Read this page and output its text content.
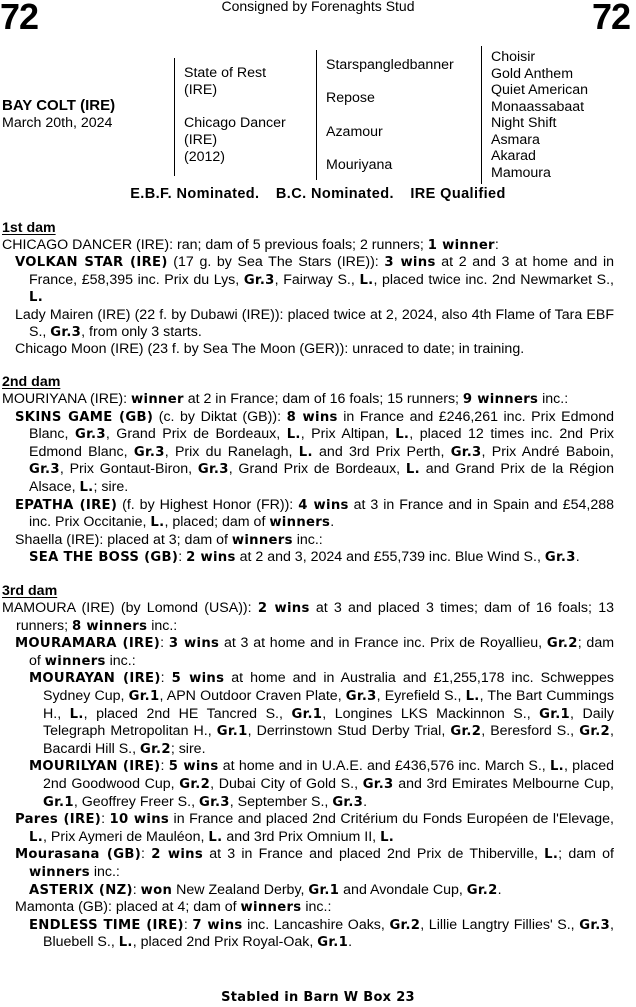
72	Consigned by Forenaghts Stud	72
BAY COLT (IRE)
March 20th, 2024
State of Rest
(IRE)
Chicago Dancer
(IRE)
(2012)
Starspangledbanner
Repose
Azamour
Mouriyana
Choisir
Gold Anthem
Quiet American
Monaassabaat
Night Shift
Asmara
Akarad
Mamoura
E.B.F. Nominated. B.C. Nominated. IRE Qualified
1st dam
CHICAGO DANCER (IRE): ran; dam of 5 previous foals; 2 runners; 1 winner:
VOLKAN STAR (IRE) (17 g. by Sea The Stars (IRE)): 3 wins at 2 and 3 at home and in France, £58,395 inc. Prix du Lys, Gr.3, Fairway S., L., placed twice inc. 2nd Newmarket S., L.
Lady Mairen (IRE) (22 f. by Dubawi (IRE)): placed twice at 2, 2024, also 4th Flame of Tara EBF S., Gr.3, from only 3 starts.
Chicago Moon (IRE) (23 f. by Sea The Moon (GER)): unraced to date; in training.
2nd dam
MOURIYANA (IRE): winner at 2 in France; dam of 16 foals; 15 runners; 9 winners inc.:
SKINS GAME (GB) (c. by Diktat (GB)): 8 wins in France and £246,261 inc. Prix Edmond Blanc, Gr.3, Grand Prix de Bordeaux, L., Prix Altipan, L., placed 12 times inc. 2nd Prix Edmond Blanc, Gr.3, Prix du Ranelagh, L. and 3rd Prix Perth, Gr.3, Prix André Baboin, Gr.3, Prix Gontaut-Biron, Gr.3, Grand Prix de Bordeaux, L. and Grand Prix de la Région Alsace, L.; sire.
EPATHA (IRE) (f. by Highest Honor (FR)): 4 wins at 3 in France and in Spain and £54,288 inc. Prix Occitanie, L., placed; dam of winners.
Shaella (IRE): placed at 3; dam of winners inc.:
SEA THE BOSS (GB): 2 wins at 2 and 3, 2024 and £55,739 inc. Blue Wind S., Gr.3.
3rd dam
MAMOURA (IRE) (by Lomond (USA)): 2 wins at 3 and placed 3 times; dam of 16 foals; 13 runners; 8 winners inc.:
MOURAMARA (IRE): 3 wins at 3 at home and in France inc. Prix de Royallieu, Gr.2; dam of winners inc.:
MOURAYAN (IRE): 5 wins at home and in Australia and £1,255,178 inc. Schweppes Sydney Cup, Gr.1, APN Outdoor Craven Plate, Gr.3, Eyrefield S., L., The Bart Cummings H., L., placed 2nd HE Tancred S., Gr.1, Longines LKS Mackinnon S., Gr.1, Daily Telegraph Metropolitan H., Gr.1, Derrinstown Stud Derby Trial, Gr.2, Beresford S., Gr.2, Bacardi Hill S., Gr.2; sire.
MOURILYAN (IRE): 5 wins at home and in U.A.E. and £436,576 inc. March S., L., placed 2nd Goodwood Cup, Gr.2, Dubai City of Gold S., Gr.3 and 3rd Emirates Melbourne Cup, Gr.1, Geoffrey Freer S., Gr.3, September S., Gr.3.
Pares (IRE): 10 wins in France and placed 2nd Critérium du Fonds Européen de l'Elevage, L., Prix Aymeri de Mauléon, L. and 3rd Prix Omnium II, L.
Mourasana (GB): 2 wins at 3 in France and placed 2nd Prix de Thiberville, L.; dam of winners inc.:
ASTERIX (NZ): won New Zealand Derby, Gr.1 and Avondale Cup, Gr.2.
Mamonta (GB): placed at 4; dam of winners inc.:
ENDLESS TIME (IRE): 7 wins inc. Lancashire Oaks, Gr.2, Lillie Langtry Fillies' S., Gr.3, Bluebell S., L., placed 2nd Prix Royal-Oak, Gr.1.
Stabled in Barn W Box 23
